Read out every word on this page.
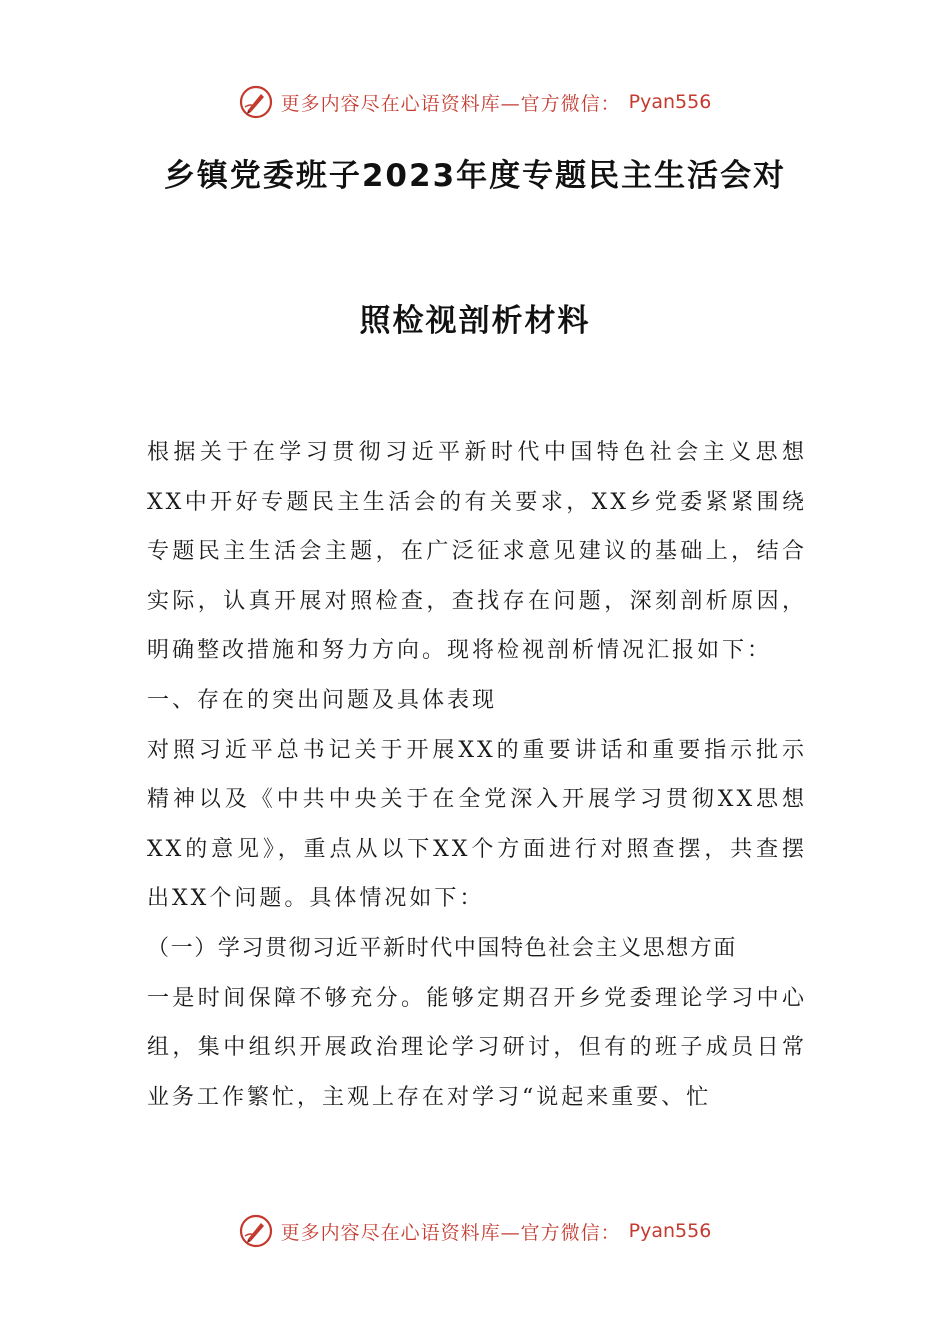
更多内容尽在心语资料库—官方微信： Pyan556
乡镇党委班子2023年度专题民主生活会对
照检视剖析材料

根据关于在学习贯彻习近平新时代中国特色社会主义思想XX中开好专题民主生活会的有关要求，XX乡党委紧紧围绕专题民主生活会主题，在广泛征求意见建议的基础上，结合实际，认真开展对照检查，查找存在问题，深刻剖析原因，明确整改措施和努力方向。现将检视剖析情况汇报如下：

一、存在的突出问题及具体表现

对照习近平总书记关于开展XX的重要讲话和重要指示批示精神以及《中共中央关于在全党深入开展学习贯彻XX思想XX的意见》，重点从以下XX个方面进行对照查摆，共查摆出XX个问题。具体情况如下：

（一）学习贯彻习近平新时代中国特色社会主义思想方面

一是时间保障不够充分。能够定期召开乡党委理论学习中心组，集中组织开展政治理论学习研讨，但有的班子成员日常业务工作繁忙，主观上存在对学习“说起来重要、忙

更多内容尽在心语资料库—官方微信： Pyan556
